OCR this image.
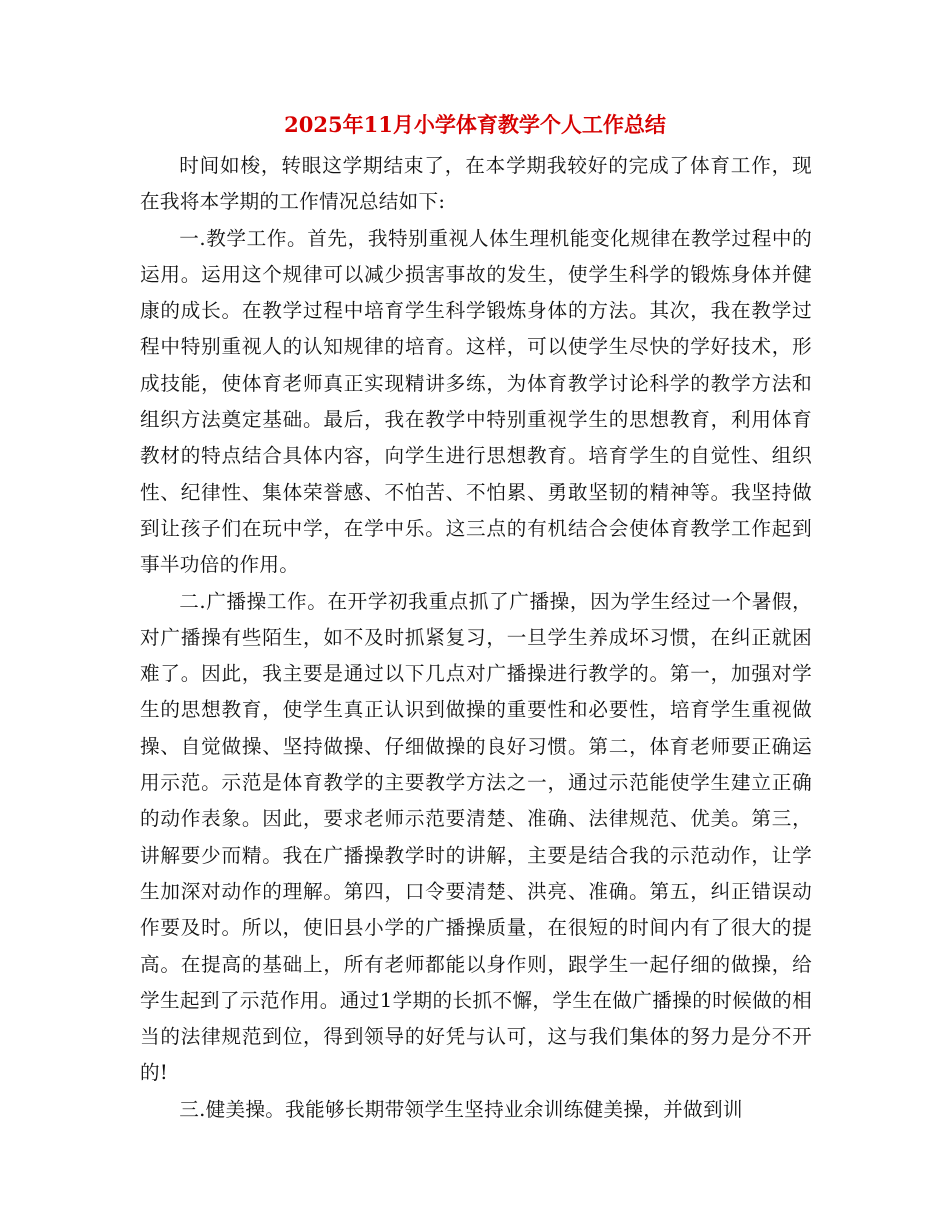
2025年11月小学体育教学个人工作总结

时间如梭，转眼这学期结束了，在本学期我较好的完成了体育工作，现在我将本学期的工作情况总结如下:

一.教学工作。首先，我特别重视人体生理机能变化规律在教学过程中的运用。运用这个规律可以减少损害事故的发生，使学生科学的锻炼身体并健康的成长。在教学过程中培育学生科学锻炼身体的方法。其次，我在教学过程中特别重视人的认知规律的培育。这样，可以使学生尽快的学好技术，形成技能，使体育老师真正实现精讲多练，为体育教学讨论科学的教学方法和组织方法奠定基础。最后，我在教学中特别重视学生的思想教育，利用体育教材的特点结合具体内容，向学生进行思想教育。培育学生的自觉性、组织性、纪律性、集体荣誉感、不怕苦、不怕累、勇敢坚韧的精神等。我坚持做到让孩子们在玩中学，在学中乐。这三点的有机结合会使体育教学工作起到事半功倍的作用。

二.广播操工作。在开学初我重点抓了广播操，因为学生经过一个暑假，对广播操有些陌生，如不及时抓紧复习，一旦学生养成坏习惯，在纠正就困难了。因此，我主要是通过以下几点对广播操进行教学的。第一，加强对学生的思想教育，使学生真正认识到做操的重要性和必要性，培育学生重视做操、自觉做操、坚持做操、仔细做操的良好习惯。第二，体育老师要正确运用示范。示范是体育教学的主要教学方法之一，通过示范能使学生建立正确的动作表象。因此，要求老师示范要清楚、准确、法律规范、优美。第三，讲解要少而精。我在广播操教学时的讲解，主要是结合我的示范动作，让学生加深对动作的理解。第四，口令要清楚、洪亮、准确。第五，纠正错误动作要及时。所以，使旧县小学的广播操质量，在很短的时间内有了很大的提高。在提高的基础上，所有老师都能以身作则，跟学生一起仔细的做操，给学生起到了示范作用。通过1学期的长抓不懈，学生在做广播操的时候做的相当的法律规范到位，得到领导的好凭与认可，这与我们集体的努力是分不开的!

三.健美操。我能够长期带领学生坚持业余训练健美操，并做到训
